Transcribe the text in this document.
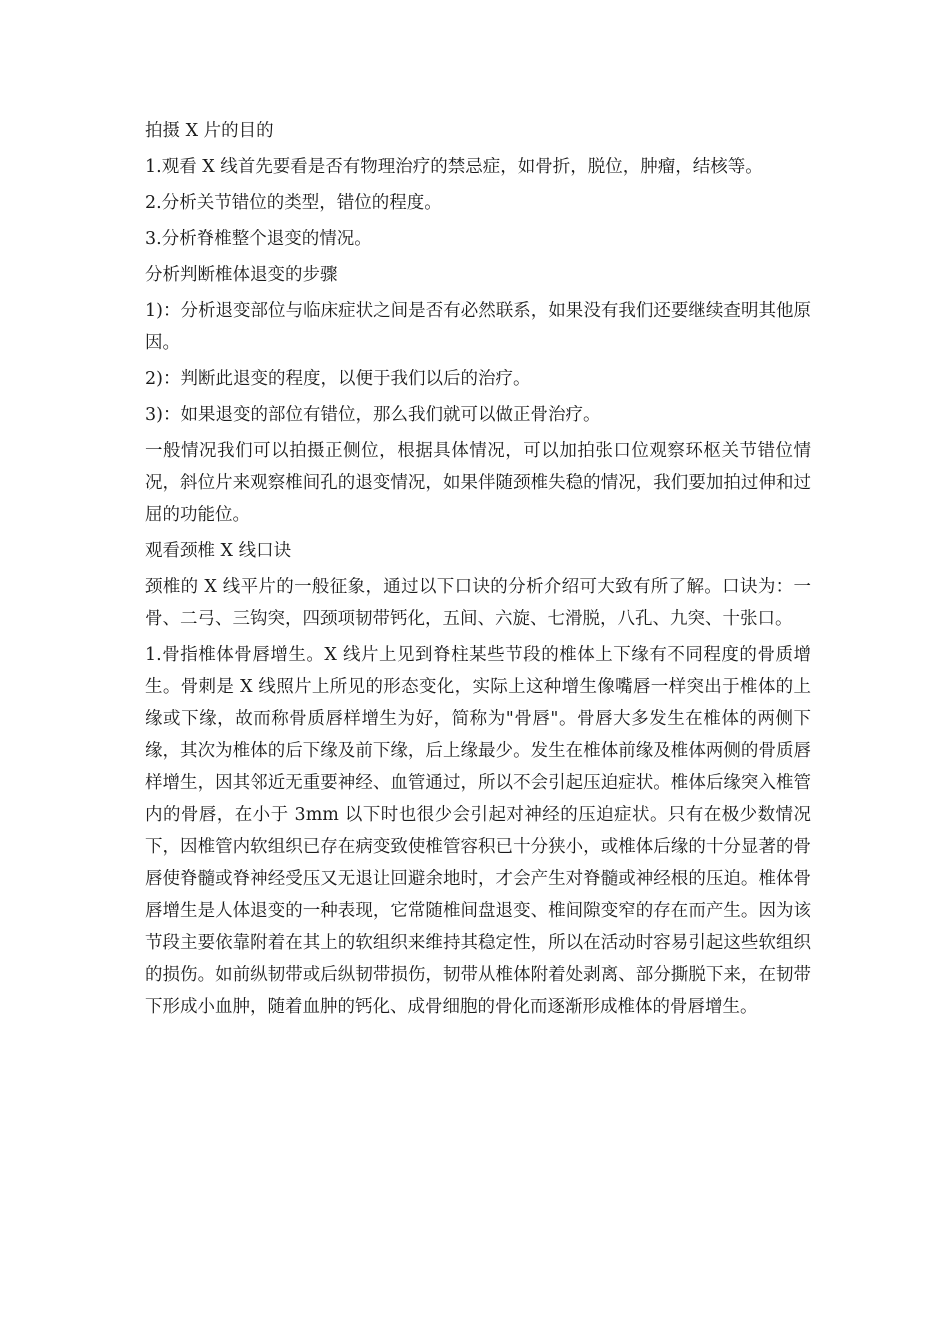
拍摄 X 片的目的

1.观看 X 线首先要看是否有物理治疗的禁忌症，如骨折，脱位，肿瘤，结核等。

2.分析关节错位的类型，错位的程度。

3.分析脊椎整个退变的情况。

分析判断椎体退变的步骤

1)：分析退变部位与临床症状之间是否有必然联系，如果没有我们还要继续查明其他原因。

2)：判断此退变的程度，以便于我们以后的治疗。

3)：如果退变的部位有错位，那么我们就可以做正骨治疗。

一般情况我们可以拍摄正侧位，根据具体情况，可以加拍张口位观察环枢关节错位情况，斜位片来观察椎间孔的退变情况，如果伴随颈椎失稳的情况，我们要加拍过伸和过屈的功能位。

观看颈椎 X 线口诀

颈椎的 X 线平片的一般征象，通过以下口诀的分析介绍可大致有所了解。口诀为：一骨、二弓、三钩突，四颈项韧带钙化，五间、六旋、七滑脱，八孔、九突、十张口。

1.骨指椎体骨唇增生。X 线片上见到脊柱某些节段的椎体上下缘有不同程度的骨质增生。骨刺是 X 线照片上所见的形态变化，实际上这种增生像嘴唇一样突出于椎体的上缘或下缘，故而称骨质唇样增生为好，简称为"骨唇"。骨唇大多发生在椎体的两侧下缘，其次为椎体的后下缘及前下缘，后上缘最少。发生在椎体前缘及椎体两侧的骨质唇样增生，因其邻近无重要神经、血管通过，所以不会引起压迫症状。椎体后缘突入椎管内的骨唇，在小于 3mm 以下时也很少会引起对神经的压迫症状。只有在极少数情况下，因椎管内软组织已存在病变致使椎管容积已十分狭小，或椎体后缘的十分显著的骨唇使脊髓或脊神经受压又无退让回避余地时，才会产生对脊髓或神经根的压迫。椎体骨唇增生是人体退变的一种表现，它常随椎间盘退变、椎间隙变窄的存在而产生。因为该节段主要依靠附着在其上的软组织来维持其稳定性，所以在活动时容易引起这些软组织的损伤。如前纵韧带或后纵韧带损伤，韧带从椎体附着处剥离、部分撕脱下来，在韧带下形成小血肿，随着血肿的钙化、成骨细胞的骨化而逐渐形成椎体的骨唇增生。
